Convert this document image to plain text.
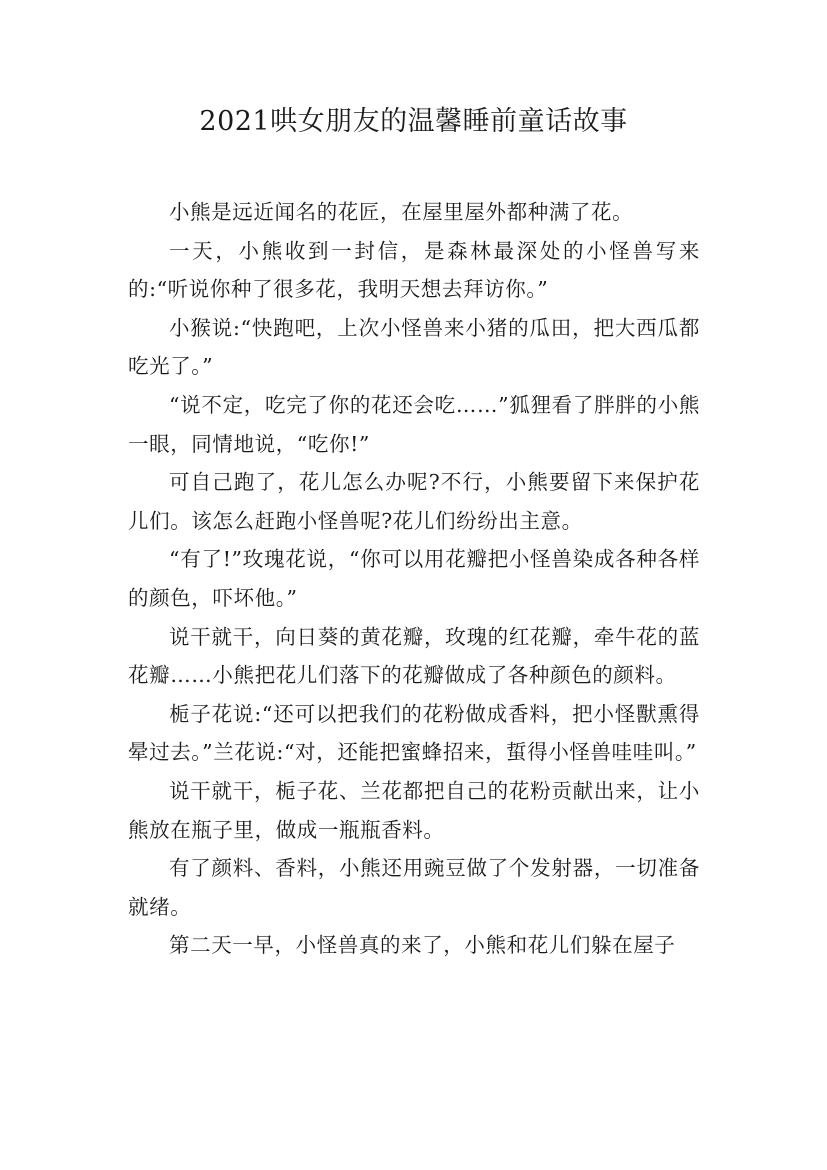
2021哄女朋友的温馨睡前童话故事

小熊是远近闻名的花匠，在屋里屋外都种满了花。

一天，小熊收到一封信，是森林最深处的小怪兽写来的:“听说你种了很多花，我明天想去拜访你。”

小猴说:“快跑吧，上次小怪兽来小猪的瓜田，把大西瓜都吃光了。”

“说不定，吃完了你的花还会吃……”狐狸看了胖胖的小熊一眼，同情地说，“吃你!”

可自己跑了，花儿怎么办呢?不行，小熊要留下来保护花儿们。该怎么赶跑小怪兽呢?花儿们纷纷出主意。

“有了!”玫瑰花说，“你可以用花瓣把小怪兽染成各种各样的颜色，吓坏他。”

说干就干，向日葵的黄花瓣，玫瑰的红花瓣，牵牛花的蓝花瓣……小熊把花儿们落下的花瓣做成了各种颜色的颜料。

栀子花说:“还可以把我们的花粉做成香料，把小怪獸熏得晕过去。”兰花说:“对，还能把蜜蜂招来，蜇得小怪兽哇哇叫。”

说干就干，栀子花、兰花都把自己的花粉贡献出来，让小熊放在瓶子里，做成一瓶瓶香料。

有了颜料、香料，小熊还用豌豆做了个发射器，一切准备就绪。

第二天一早，小怪兽真的来了，小熊和花儿们躲在屋子
